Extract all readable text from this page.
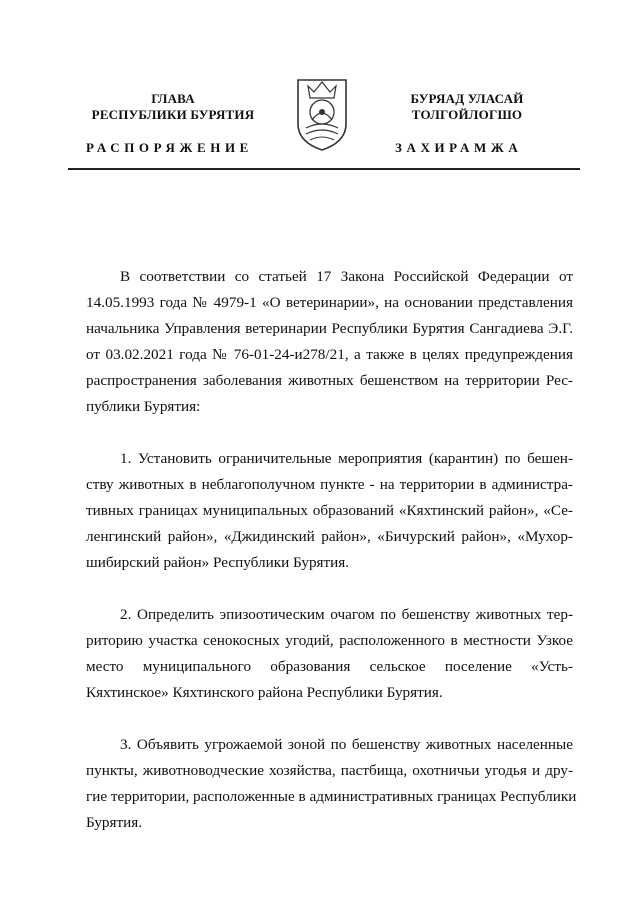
ГЛАВА
РЕСПУБЛИКИ БУРЯТИЯ
БУРЯАД УЛАСАЙ
ТОЛГОЙЛОГШО
РАСПОРЯЖЕНИЕ	ЗАХИРАМЖА
В соответствии со статьей 17 Закона Российской Федерации от
14.05.1993 года № 4979-1 «О ветеринарии», на основании представления
начальника Управления ветеринарии Республики Бурятия Сангадиева Э.Г.
от 03.02.2021 года № 76-01-24-и278/21, а также в целях предупреждения
распространения заболевания животных бешенством на территории Рес-
публики Бурятия:
1. Установить ограничительные мероприятия (карантин) по бешен-
ству животных в неблагополучном пункте - на территории в администра-
тивных границах муниципальных образований «Кяхтинский район», «Се-
ленгинский район», «Джидинский район», «Бичурский район», «Мухор-
шибирский район» Республики Бурятия.
2. Определить эпизоотическим очагом по бешенству животных тер-
риторию участка сенокосных угодий, расположенного в местности Узкое
место муниципального образования сельское поселение «Усть-
Кяхтинское» Кяхтинского района Республики Бурятия.
3. Объявить угрожаемой зоной по бешенству животных населенные
пункты, животноводческие хозяйства, пастбища, охотничьи угодья и дру-
гие территории, расположенные в административных границах Республики
Бурятия.
